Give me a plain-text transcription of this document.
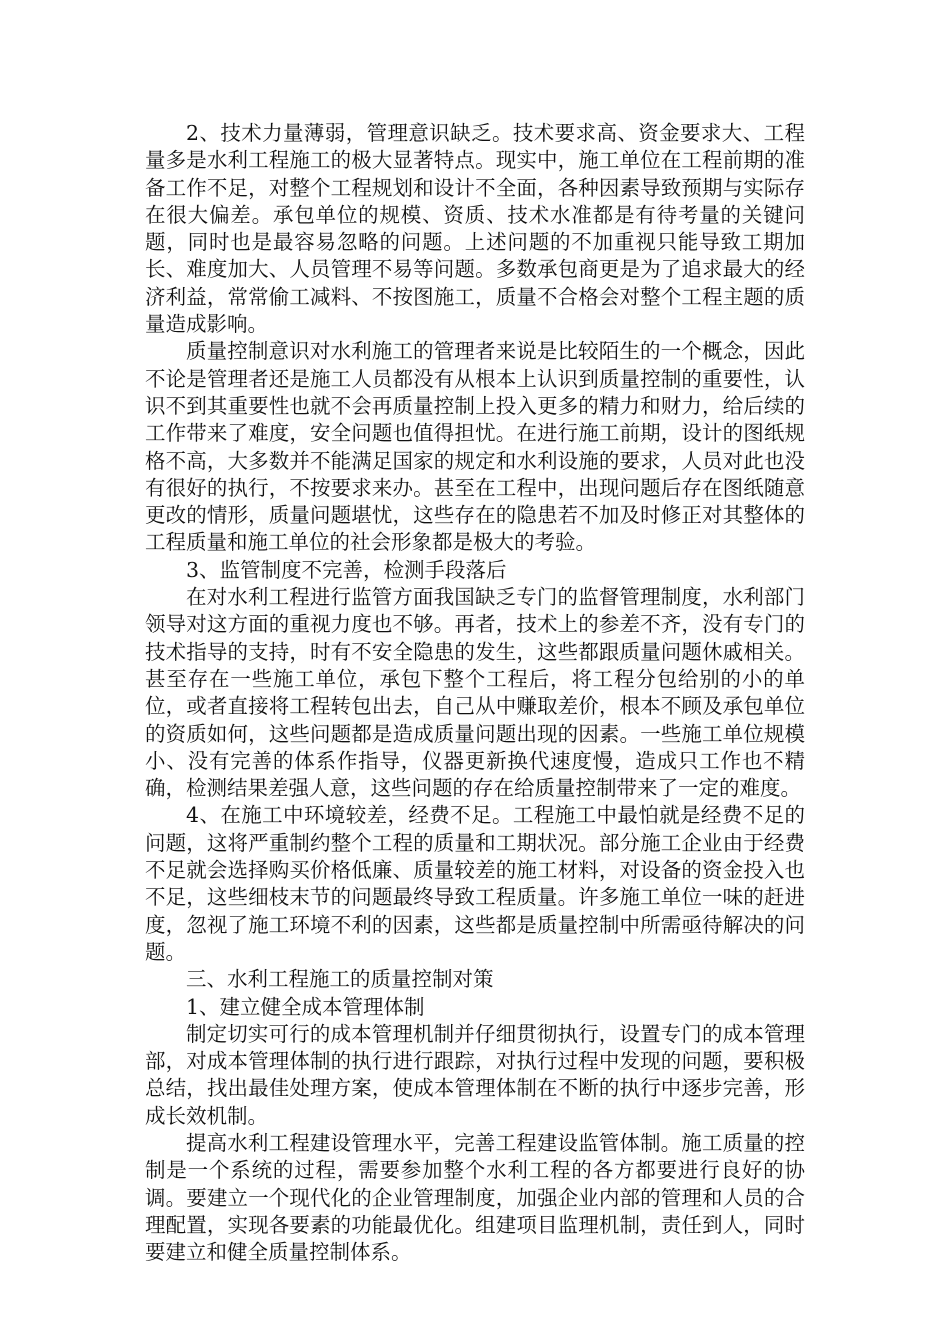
2、技术力量薄弱，管理意识缺乏。技术要求高、资金要求大、工程量多是水利工程施工的极大显著特点。现实中，施工单位在工程前期的准备工作不足，对整个工程规划和设计不全面，各种因素导致预期与实际存在很大偏差。承包单位的规模、资质、技术水准都是有待考量的关键问题，同时也是最容易忽略的问题。上述问题的不加重视只能导致工期加长、难度加大、人员管理不易等问题。多数承包商更是为了追求最大的经济利益，常常偷工减料、不按图施工，质量不合格会对整个工程主题的质量造成影响。

质量控制意识对水利施工的管理者来说是比较陌生的一个概念，因此不论是管理者还是施工人员都没有从根本上认识到质量控制的重要性，认识不到其重要性也就不会再质量控制上投入更多的精力和财力，给后续的工作带来了难度，安全问题也值得担忧。在进行施工前期，设计的图纸规格不高，大多数并不能满足国家的规定和水利设施的要求，人员对此也没有很好的执行，不按要求来办。甚至在工程中，出现问题后存在图纸随意更改的情形，质量问题堪忧，这些存在的隐患若不加及时修正对其整体的工程质量和施工单位的社会形象都是极大的考验。

3、监管制度不完善，检测手段落后

在对水利工程进行监管方面我国缺乏专门的监督管理制度，水利部门领导对这方面的重视力度也不够。再者，技术上的参差不齐，没有专门的技术指导的支持，时有不安全隐患的发生，这些都跟质量问题休戚相关。甚至存在一些施工单位，承包下整个工程后，将工程分包给别的小的单位，或者直接将工程转包出去，自己从中赚取差价，根本不顾及承包单位的资质如何，这些问题都是造成质量问题出现的因素。一些施工单位规模小、没有完善的体系作指导，仪器更新换代速度慢，造成只工作也不精确，检测结果差强人意，这些问题的存在给质量控制带来了一定的难度。

4、在施工中环境较差，经费不足。工程施工中最怕就是经费不足的问题，这将严重制约整个工程的质量和工期状况。部分施工企业由于经费不足就会选择购买价格低廉、质量较差的施工材料，对设备的资金投入也不足，这些细枝末节的问题最终导致工程质量。许多施工单位一味的赶进度，忽视了施工环境不利的因素，这些都是质量控制中所需亟待解决的问题。

三、水利工程施工的质量控制对策

1、建立健全成本管理体制

制定切实可行的成本管理机制并仔细贯彻执行，设置专门的成本管理部，对成本管理体制的执行进行跟踪，对执行过程中发现的问题，要积极总结，找出最佳处理方案，使成本管理体制在不断的执行中逐步完善，形成长效机制。

提高水利工程建设管理水平，完善工程建设监管体制。施工质量的控制是一个系统的过程，需要参加整个水利工程的各方都要进行良好的协调。要建立一个现代化的企业管理制度，加强企业内部的管理和人员的合理配置，实现各要素的功能最优化。组建项目监理机制，责任到人，同时要建立和健全质量控制体系。
